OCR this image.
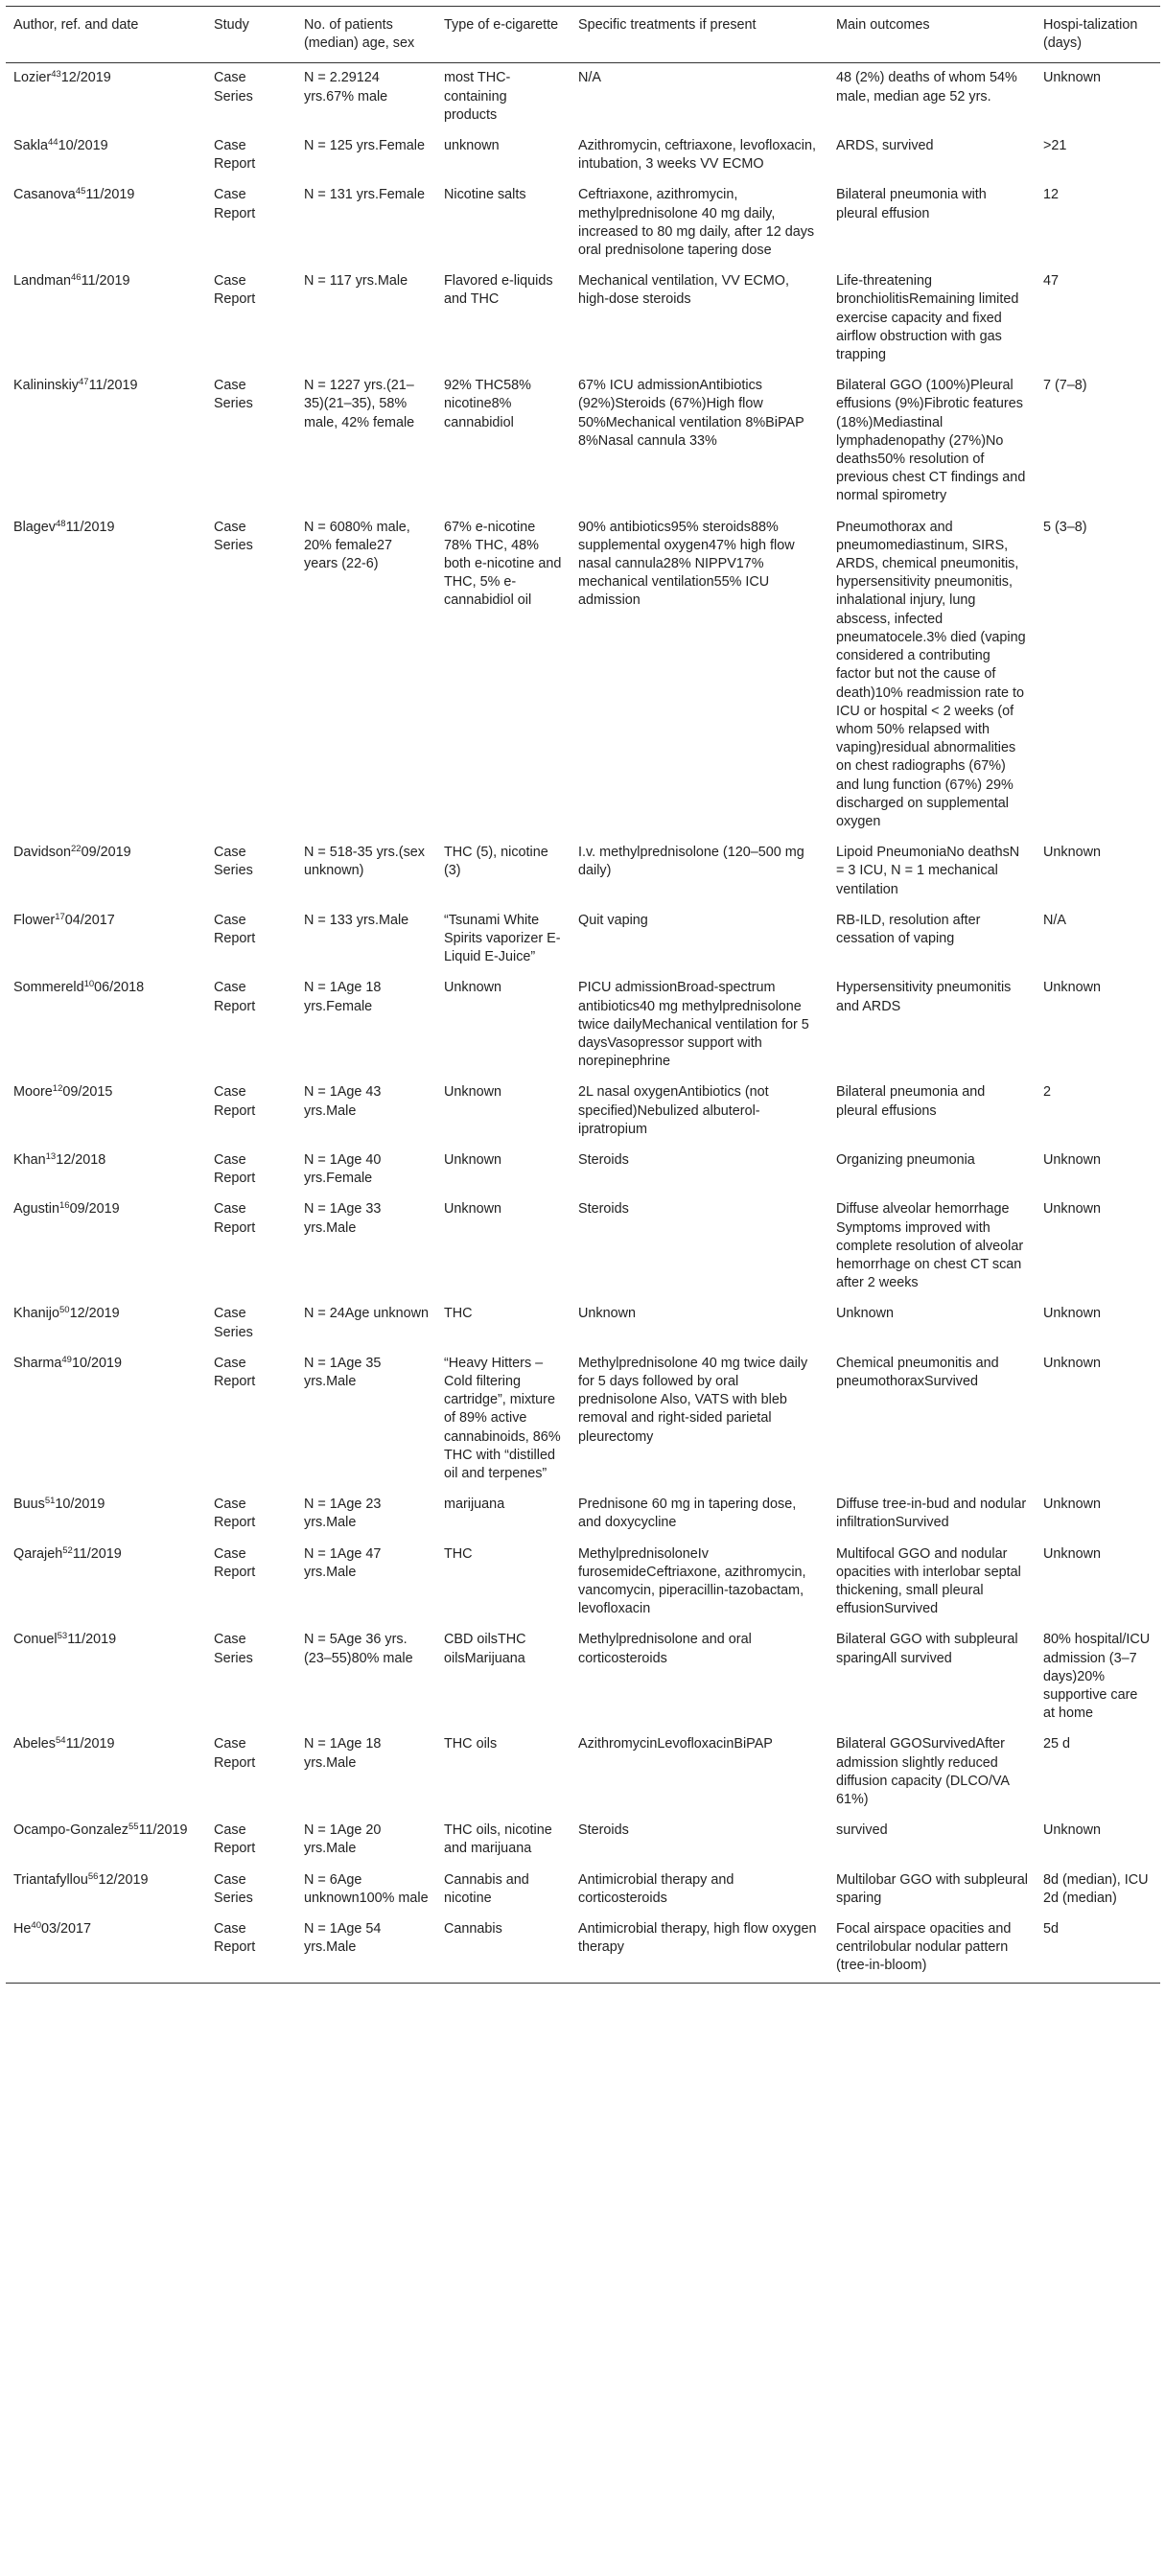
Author, ref. and date	Study	No. of patients (median) age, sex	Type of e-cigarette	Specific treatments if present	Main outcomes	Hospi-talization (days)
Lozier$^{43}$12/2019	Case Series	N = 2.29124 yrs.67% male	most THC-containing products	N/A	48 (2%) deaths of whom 54% male, median age 52 yrs.	Unknown
Sakla$^{44}$10/2019	Case Report	N = 125 yrs.Female	unknown	Azithromycin, ceftriaxone, levofloxacin, intubation, 3 weeks VV ECMO	ARDS, survived	>21
Casanova$^{45}$11/2019	Case Report	N = 131 yrs.Female	Nicotine salts	Ceftriaxone, azithromycin, methylprednisolone 40 mg daily, increased to 80 mg daily, after 12 days oral prednisolone tapering dose	Bilateral pneumonia with pleural effusion	12
Landman$^{46}$11/2019	Case Report	N = 117 yrs.Male	Flavored e-liquids and THC	Mechanical ventilation, VV ECMO, high-dose steroids	Life-threatening bronchiolitisRemaining limited exercise capacity and fixed airflow obstruction with gas trapping	47
Kalininskiy$^{47}$11/2019	Case Series	N = 1227 yrs.(21–35)(21–35), 58% male, 42% female	92% THC58% nicotine8% cannabidiol	67% ICU admissionAntibiotics (92%)Steroids (67%)High flow 50%Mechanical ventilation 8%BiPAP 8%Nasal cannula 33%	Bilateral GGO (100%)Pleural effusions (9%)Fibrotic features (18%)Mediastinal lymphadenopathy (27%)No deaths50% resolution of previous chest CT findings and normal spirometry	7 (7–8)
Blagev$^{48}$11/2019	Case Series	N = 6080% male, 20% female27 years (22-6)	67% e-nicotine 78% THC, 48% both e-nicotine and THC, 5% e-cannabidiol oil	90% antibiotics95% steroids88% supplemental oxygen47% high flow nasal cannula28% NIPPV17% mechanical ventilation55% ICU admission	Pneumothorax and pneumomediastinum, SIRS, ARDS, chemical pneumonitis, hypersensitivity pneumonitis, inhalational injury, lung abscess, infected pneumatocele.3% died (vaping considered a contributing factor but not the cause of death)10% readmission rate to ICU or hospital < 2 weeks (of whom 50% relapsed with vaping)residual abnormalities on chest radiographs (67%) and lung function (67%) 29% discharged on supplemental oxygen	5 (3–8)
Davidson$^{22}$09/2019	Case Series	N = 518-35 yrs.(sex unknown)	THC (5), nicotine (3)	I.v. methylprednisolone (120–500 mg daily)	Lipoid PneumoniaNo deathsN = 3 ICU, N = 1 mechanical ventilation	Unknown
Flower$^{17}$04/2017	Case Report	N = 133 yrs.Male	“Tsunami White Spirits vaporizer E-Liquid E-Juice”	Quit vaping	RB-ILD, resolution after cessation of vaping	N/A
Sommereld$^{10}$06/2018	Case Report	N = 1Age 18 yrs.Female	Unknown	PICU admissionBroad-spectrum antibiotics40 mg methylprednisolone twice dailyMechanical ventilation for 5 daysVasopressor support with norepinephrine	Hypersensitivity pneumonitis and ARDS	Unknown
Moore$^{12}$09/2015	Case Report	N = 1Age 43 yrs.Male	Unknown	2L nasal oxygenAntibiotics (not specified)Nebulized albuterol-ipratropium	Bilateral pneumonia and pleural effusions	2
Khan$^{13}$12/2018	Case Report	N = 1Age 40 yrs.Female	Unknown	Steroids	Organizing pneumonia	Unknown
Agustin$^{16}$09/2019	Case Report	N = 1Age 33 yrs.Male	Unknown	Steroids	Diffuse alveolar hemorrhage Symptoms improved with complete resolution of alveolar hemorrhage on chest CT scan after 2 weeks	Unknown
Khanijo$^{50}$12/2019	Case Series	N = 24Age unknown	THC	Unknown	Unknown	Unknown
Sharma$^{49}$10/2019	Case Report	N = 1Age 35 yrs.Male	“Heavy Hitters – Cold filtering cartridge”, mixture of 89% active cannabinoids, 86% THC with “distilled oil and terpenes”	Methylprednisolone 40 mg twice daily for 5 days followed by oral prednisolone Also, VATS with bleb removal and right-sided parietal pleurectomy	Chemical pneumonitis and pneumothoraxSurvived	Unknown
Buus$^{51}$10/2019	Case Report	N = 1Age 23 yrs.Male	marijuana	Prednisone 60 mg in tapering dose, and doxycycline	Diffuse tree-in-bud and nodular infiltrationSurvived	Unknown
Qarajeh$^{52}$11/2019	Case Report	N = 1Age 47 yrs.Male	THC	MethylprednisoloneIv furosemideCeftriaxone, azithromycin, vancomycin, piperacillin-tazobactam, levofloxacin	Multifocal GGO and nodular opacities with interlobar septal thickening, small pleural effusionSurvived	Unknown
Conuel$^{53}$11/2019	Case Series	N = 5Age 36 yrs.(23–55)80% male	CBD oilsTHC oilsMarijuana	Methylprednisolone and oral corticosteroids	Bilateral GGO with subpleural sparingAll survived	80% hospital/ICU admission (3–7 days)20% supportive care at home
Abeles$^{54}$11/2019	Case Report	N = 1Age 18 yrs.Male	THC oils	AzithromycinLevofloxacinBiPAP	Bilateral GGOSurvivedAfter admission slightly reduced diffusion capacity (DLCO/VA 61%)	25 d
Ocampo-Gonzalez$^{55}$11/2019	Case Report	N = 1Age 20 yrs.Male	THC oils, nicotine and marijuana	Steroids	survived	Unknown
Triantafyllou$^{56}$12/2019	Case Series	N = 6Age unknown100% male	Cannabis and nicotine	Antimicrobial therapy and corticosteroids	Multilobar GGO with subpleural sparing	8d (median), ICU 2d (median)
He$^{40}$03/2017	Case Report	N = 1Age 54 yrs.Male	Cannabis	Antimicrobial therapy, high flow oxygen therapy	Focal airspace opacities and centrilobular nodular pattern (tree-in-bloom)	5d
